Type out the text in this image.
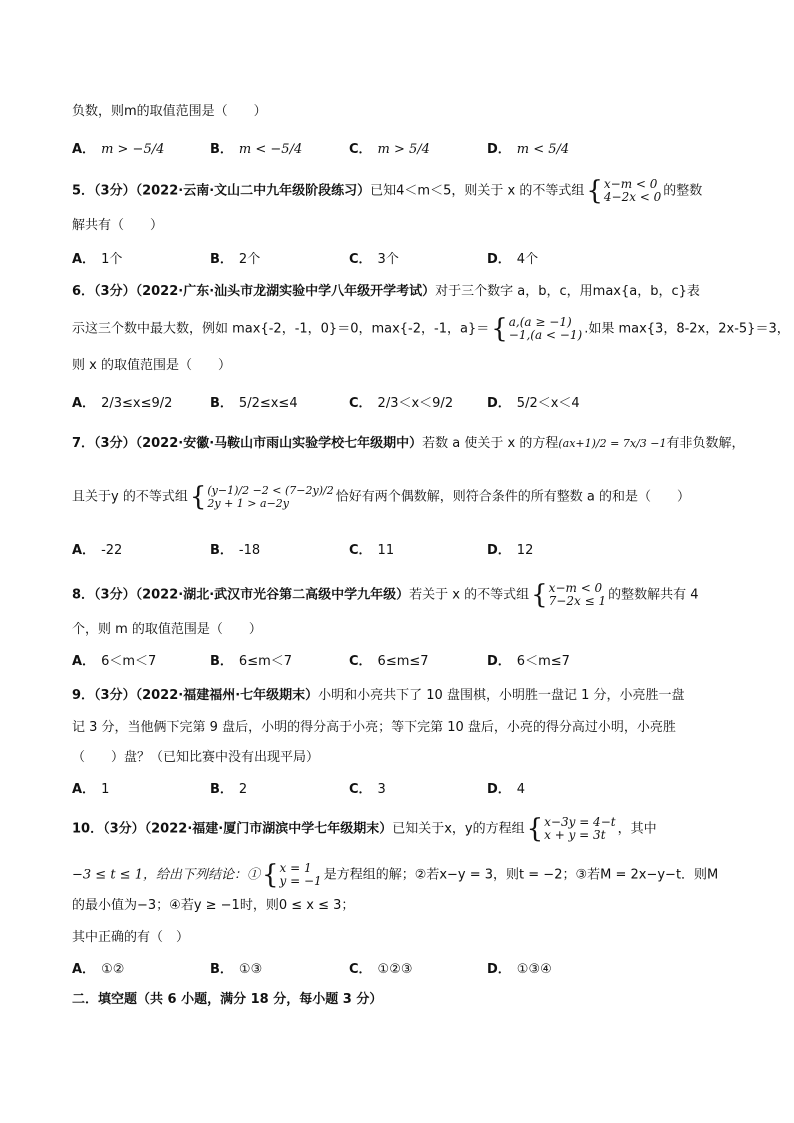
负数，则m的取值范围是（　　）
A． m > −5/4	B． m < −5/4	C． m > 5/4	D． m < 5/4
5．（3分）（2022·云南·文山二中九年级阶段练习）已知4＜m＜5，则关于 x 的不等式组 { x−m < 0
4−2x < 0 的整数
解共有（　　）
A． 1个	B． 2个	C． 3个	D． 4个
6．（3分）（2022·广东·汕头市龙湖实验中学八年级开学考试）对于三个数字 a，b，c，用max{a，b，c}表
示这三个数中最大数，例如 max{-2，-1，0}＝0，max{-2，-1，a}＝ { a,(a ≥ −1)
−1,(a < −1) .如果 max{3，8-2x，2x-5}＝3，
则 x 的取值范围是（　　）
A． 2/3≤x≤9/2	B． 5/2≤x≤4	C． 2/3＜x＜9/2	D． 5/2＜x＜4
7．（3分）（2022·安徽·马鞍山市雨山实验学校七年级期中）若数 a 使关于 x 的方程(ax+1)/2 = 7x/3 −1有非负数解，
且关于y 的不等式组 { (y−1)/2 −2 < (7−2y)/2
2y + 1 > a−2y	恰好有两个偶数解，则符合条件的所有整数 a 的和是（　　）
A． -22	B． -18	C． 11	D． 12
8．（3分）（2022·湖北·武汉市光谷第二高级中学九年级）若关于 x 的不等式组 { x−m < 0
7−2x ≤ 1 的整数解共有 4
个，则 m 的取值范围是（　　）
A． 6＜m＜7	B． 6≤m＜7	C． 6≤m≤7	D． 6＜m≤7
9．（3分）（2022·福建福州·七年级期末）小明和小亮共下了 10 盘围棋，小明胜一盘记 1 分，小亮胜一盘
记 3 分，当他俩下完第 9 盘后，小明的得分高于小亮；等下完第 10 盘后，小亮的得分高过小明，小亮胜
（　　）盘？（已知比赛中没有出现平局）
A． 1	B． 2	C． 3	D． 4
10．（3分）（2022·福建·厦门市湖滨中学七年级期末）已知关于x，y的方程组 { x−3y = 4−t
x + y = 3t ，其中
−3 ≤ t ≤ 1，给出下列结论：① { x = 1
y = −1 是方程组的解；②若x−y = 3，则t = −2；③若M = 2x−y−t．则M
的最小值为−3；④若y ≥ −1时，则0 ≤ x ≤ 3；
其中正确的有（　）
A． ①②	B． ①③	C． ①②③	D． ①③④
二．填空题（共 6 小题，满分 18 分，每小题 3 分）
